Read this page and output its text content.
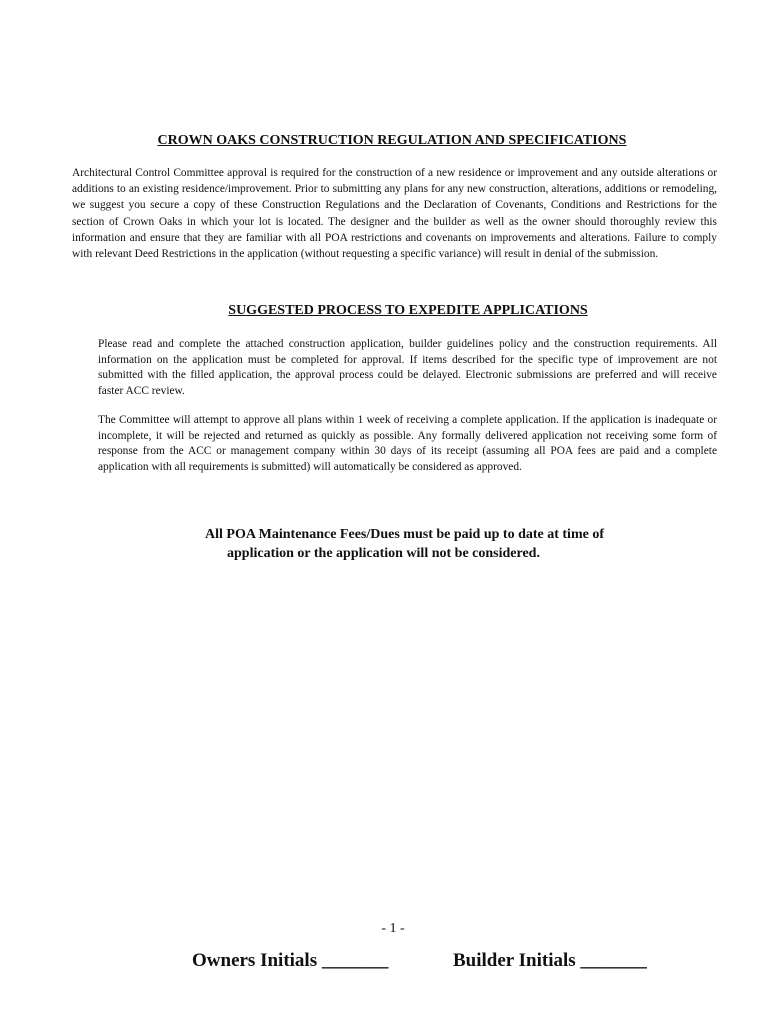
CROWN OAKS CONSTRUCTION REGULATION AND SPECIFICATIONS
Architectural Control Committee approval is required for the construction of a new residence or improvement and any outside alterations or additions to an existing residence/improvement. Prior to submitting any plans for any new construction, alterations, additions or remodeling, we suggest you secure a copy of these Construction Regulations and the Declaration of Covenants, Conditions and Restrictions for the section of Crown Oaks in which your lot is located. The designer and the builder as well as the owner should thoroughly review this information and ensure that they are familiar with all POA restrictions and covenants on improvements and alterations. Failure to comply with relevant Deed Restrictions in the application (without requesting a specific variance) will result in denial of the submission.
SUGGESTED PROCESS TO EXPEDITE APPLICATIONS
Please read and complete the attached construction application, builder guidelines policy and the construction requirements. All information on the application must be completed for approval. If items described for the specific type of improvement are not submitted with the filled application, the approval process could be delayed. Electronic submissions are preferred and will receive faster ACC review.
The Committee will attempt to approve all plans within 1 week of receiving a complete application. If the application is inadequate or incomplete, it will be rejected and returned as quickly as possible. Any formally delivered application not receiving some form of response from the ACC or management company within 30 days of its receipt (assuming all POA fees are paid and a complete application with all requirements is submitted) will automatically be considered as approved.
All POA Maintenance Fees/Dues must be paid up to date at time of
application or the application will not be considered.
- 1 -
Owners Initials _______	Builder Initials _______
